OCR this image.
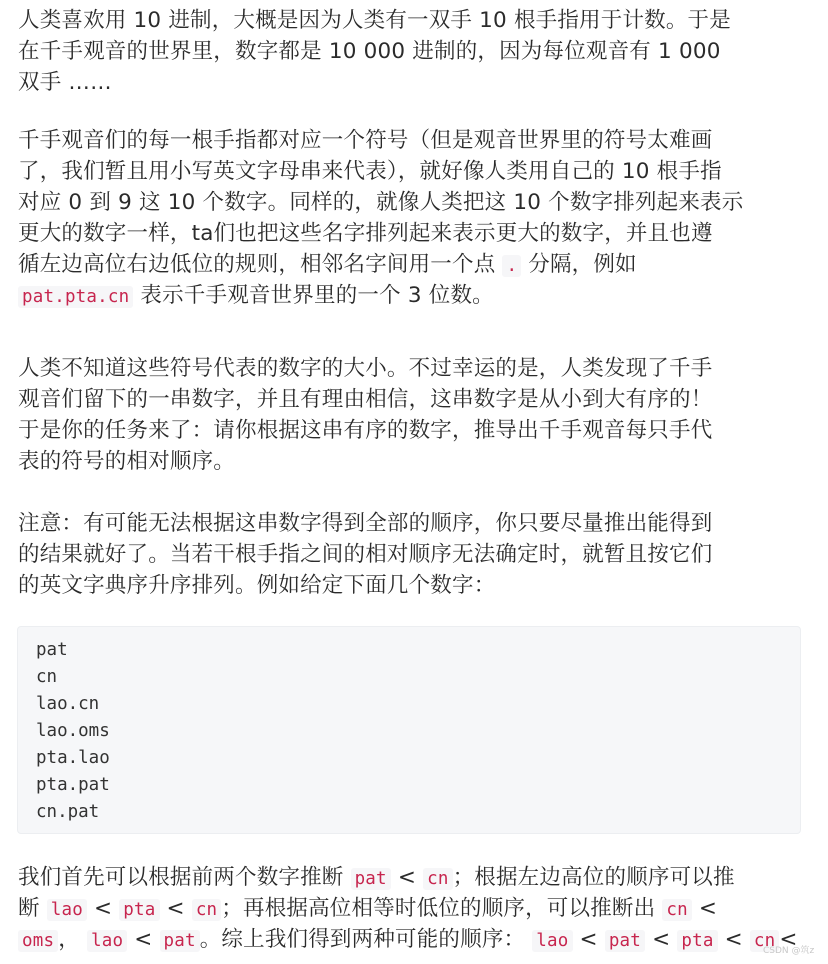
人类喜欢用 10 进制，大概是因为人类有一双手 10 根手指用于计数。于是
在千手观音的世界里，数字都是 10 000 进制的，因为每位观音有 1 000
双手 ……
千手观音们的每一根手指都对应一个符号（但是观音世界里的符号太难画
了，我们暂且用小写英文字母串来代表），就好像人类用自己的 10 根手指
对应 0 到 9 这 10 个数字。同样的，就像人类把这 10 个数字排列起来表示
更大的数字一样，ta们也把这些名字排列起来表示更大的数字，并且也遵
循左边高位右边低位的规则，相邻名字间用一个点 . 分隔，例如
pat.pta.cn 表示千手观音世界里的一个 3 位数。
人类不知道这些符号代表的数字的大小。不过幸运的是，人类发现了千手
观音们留下的一串数字，并且有理由相信，这串数字是从小到大有序的！
于是你的任务来了：请你根据这串有序的数字，推导出千手观音每只手代
表的符号的相对顺序。
注意：有可能无法根据这串数字得到全部的顺序，你只要尽量推出能得到
的结果就好了。当若干根手指之间的相对顺序无法确定时，就暂且按它们
的英文字典序升序排列。例如给定下面几个数字：
pat
cn
lao.cn
lao.oms
pta.lao
pta.pat
cn.pat
我们首先可以根据前两个数字推断 pat < cn ；根据左边高位的顺序可以推
断 lao < pta < cn ；再根据高位相等时低位的顺序，可以推断出 cn <
oms ， lao < pat 。综上我们得到两种可能的顺序： lao < pat < pta < cn <
CSDN @筑z
